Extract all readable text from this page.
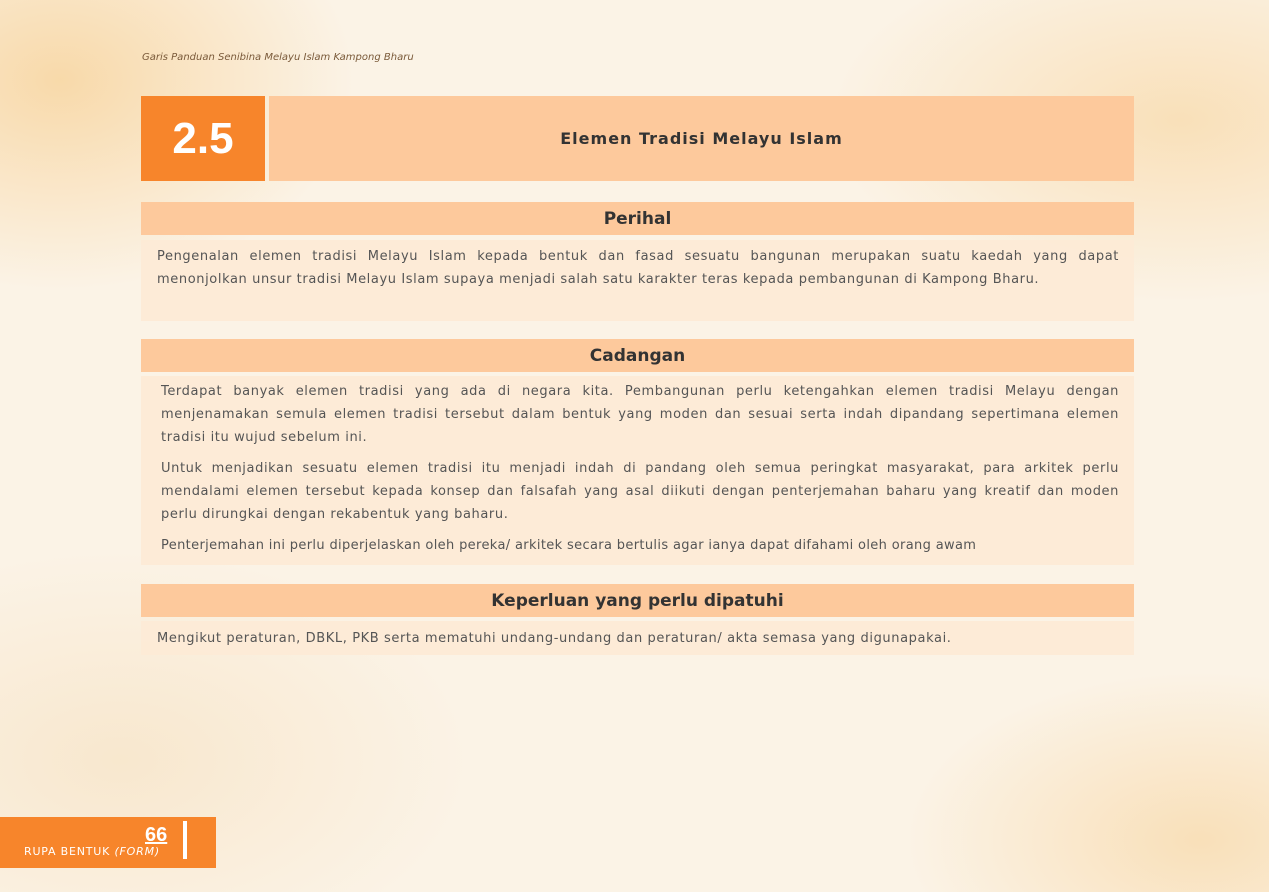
Garis Panduan Senibina Melayu Islam Kampong Bharu
2.5	Elemen Tradisi Melayu Islam
Perihal

Pengenalan elemen tradisi Melayu Islam kepada bentuk dan fasad sesuatu bangunan merupakan suatu kaedah yang dapat menonjolkan unsur tradisi Melayu Islam supaya menjadi salah satu karakter teras kepada pembangunan di Kampong Bharu.

Cadangan

Terdapat banyak elemen tradisi yang ada di negara kita. Pembangunan perlu ketengahkan elemen tradisi Melayu dengan menjenamakan semula elemen tradisi tersebut dalam bentuk yang moden dan sesuai serta indah dipandang sepertimana elemen tradisi itu wujud sebelum ini.

Untuk menjadikan sesuatu elemen tradisi itu menjadi indah di pandang oleh semua peringkat masyarakat, para arkitek perlu mendalami elemen tersebut kepada konsep dan falsafah yang asal diikuti dengan penterjemahan baharu yang kreatif dan moden perlu dirungkai dengan rekabentuk yang baharu.

Penterjemahan ini perlu diperjelaskan oleh pereka/ arkitek secara bertulis agar ianya dapat difahami oleh orang awam

Keperluan yang perlu dipatuhi

Mengikut peraturan, DBKL, PKB serta mematuhi undang-undang dan peraturan/ akta semasa yang digunapakai.

66
RUPA BENTUK (FORM)
